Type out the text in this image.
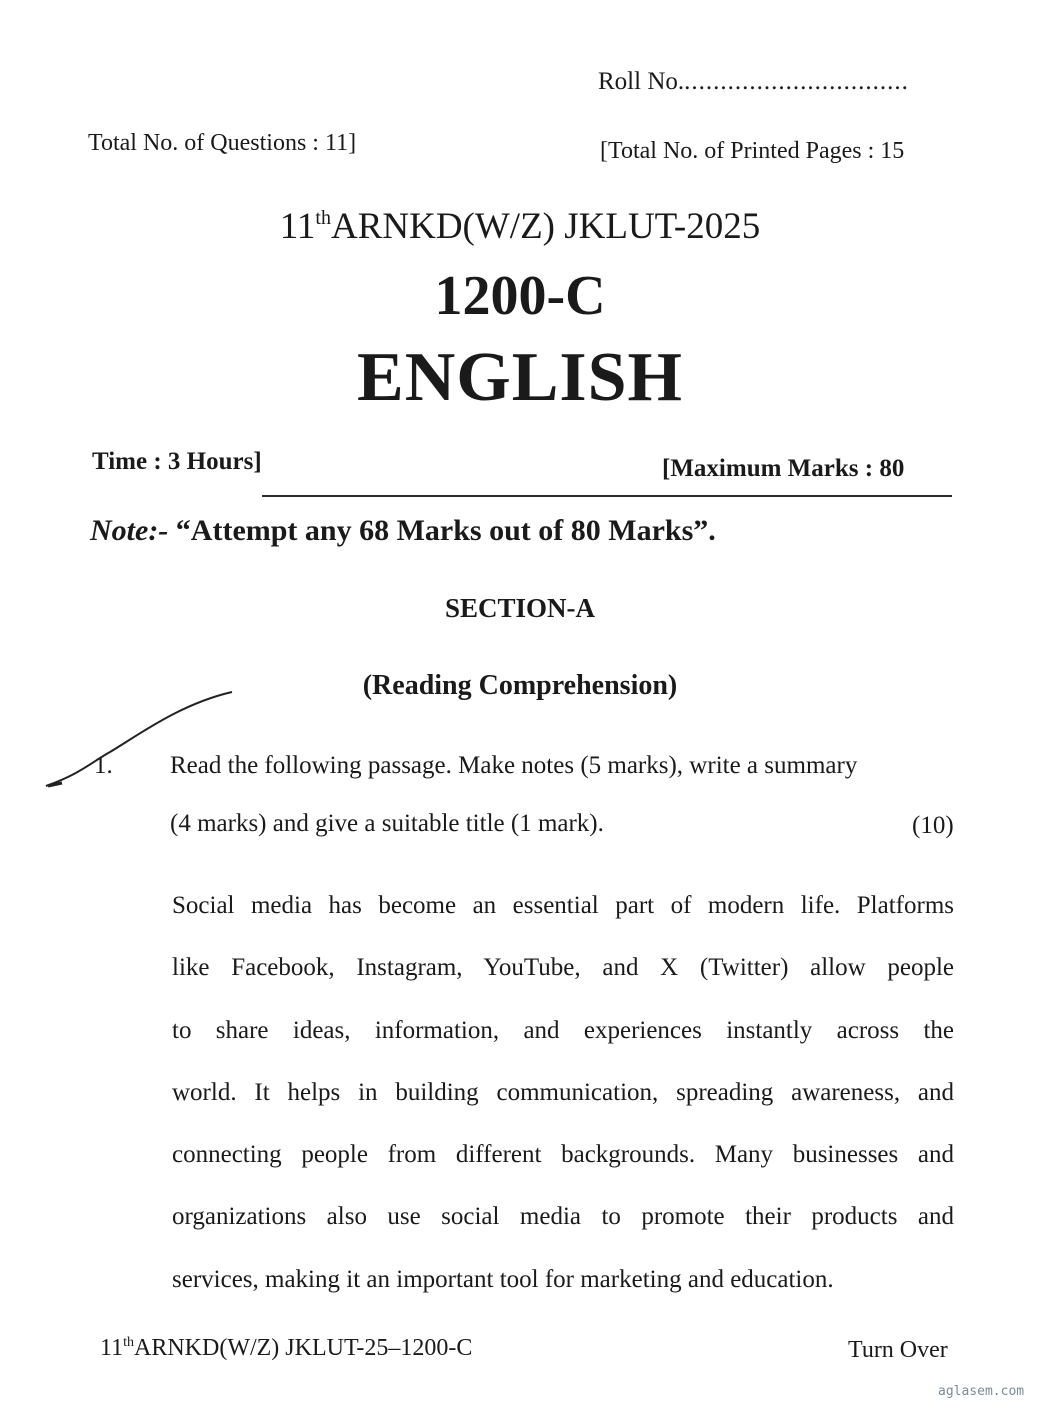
Roll No................................
Total No. of Questions : 11]	[Total No. of Printed Pages : 15
11thARNKD(W/Z) JKLUT-2025
1200-C
ENGLISH
Time : 3 Hours]	[Maximum Marks : 80
Note:- “Attempt any 68 Marks out of 80 Marks”.
SECTION-A
(Reading Comprehension)
1. Read the following passage. Make notes (5 marks), write a summary
(4 marks) and give a suitable title (1 mark).	(10)
Social media has become an essential part of modern life. Platforms
like Facebook, Instagram, YouTube, and X (Twitter) allow people
to share ideas, information, and experiences instantly across the
world. It helps in building communication, spreading awareness, and
connecting people from different backgrounds. Many businesses and
organizations also use social media to promote their products and
services, making it an important tool for marketing and education.
11thARNKD(W/Z) JKLUT-25–1200-C	Turn Over
aglasem.com
